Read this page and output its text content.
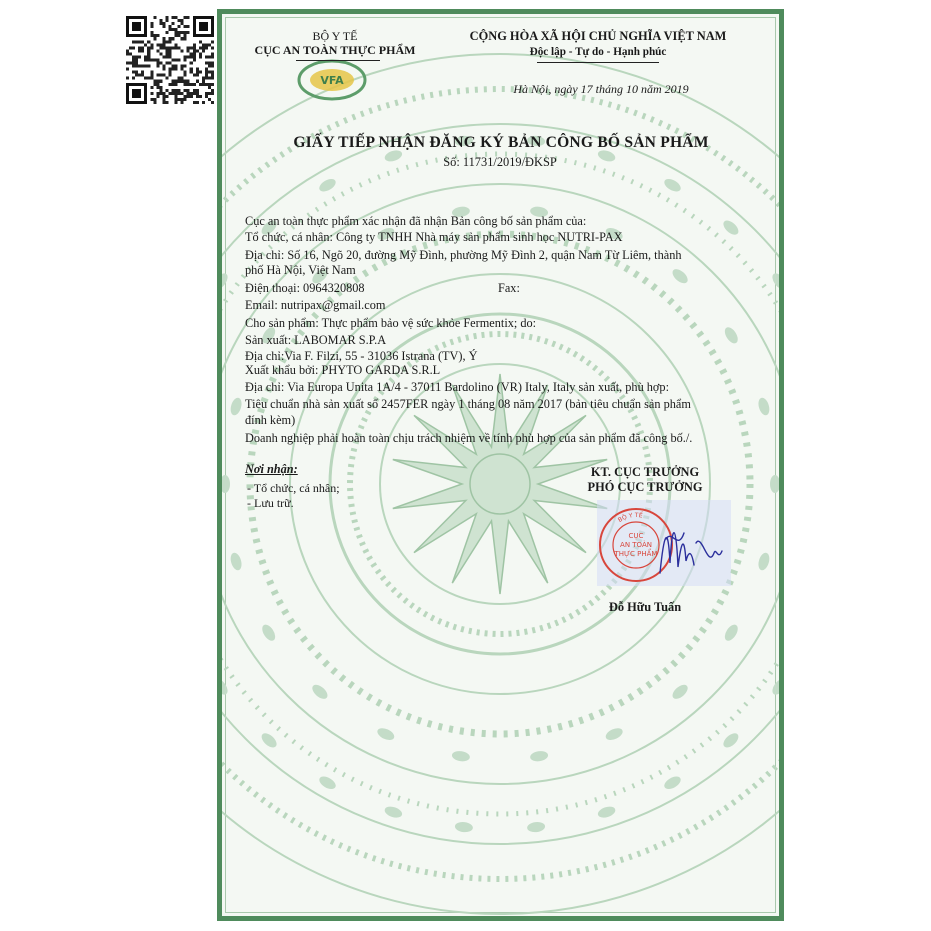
VFA
BỘ Y TẾ
CỤC AN TOÀN THỰC PHẨM
CỘNG HÒA XÃ HỘI CHỦ NGHĨA VIỆT NAM
Độc lập - Tự do - Hạnh phúc
Hà Nội, ngày 17 tháng 10 năm 2019
GIẤY TIẾP NHẬN ĐĂNG KÝ BẢN CÔNG BỐ SẢN PHẨM
Số: 11731/2019/ĐKSP
Cục an toàn thực phẩm xác nhận đã nhận Bản công bố sản phẩm của:
Tổ chức, cá nhân: Công ty TNHH Nhà máy sản phẩm sinh học NUTRI-PAX
Địa chỉ: Số 16, Ngõ 20, đường Mỹ Đình, phường Mỹ Đình 2, quận Nam Từ Liêm, thành
phố Hà Nội, Việt Nam
Điện thoại: 0964320808	Fax:
Email: nutripax@gmail.com
Cho sản phẩm: Thực phẩm bảo vệ sức khỏe Fermentix; do:
Sản xuất: LABOMAR S.P.A
Địa chỉ:Via F. Filzi, 55 - 31036 Istrana (TV), Ý
Xuất khẩu bởi: PHYTO GARDA S.R.L
Địa chỉ: Via Europa Unita 1A/4 - 37011 Bardolino (VR) Italy, Italy sản xuất, phù hợp:
Tiêu chuẩn nhà sản xuất số 2457FER ngày 1 tháng 08 năm 2017 (bản tiêu chuẩn sản phẩm
đính kèm)
Doanh nghiệp phải hoàn toàn chịu trách nhiệm về tính phù hợp của sản phẩm đã công bố./.
Nơi nhận:
- Tổ chức, cá nhân;
- Lưu trữ.
KT. CỤC TRƯỞNG
PHÓ CỤC TRƯỞNG
BỘ Y TẾ
CỤC
AN TOÀN
THỰC PHẨM
Đỗ Hữu Tuấn
